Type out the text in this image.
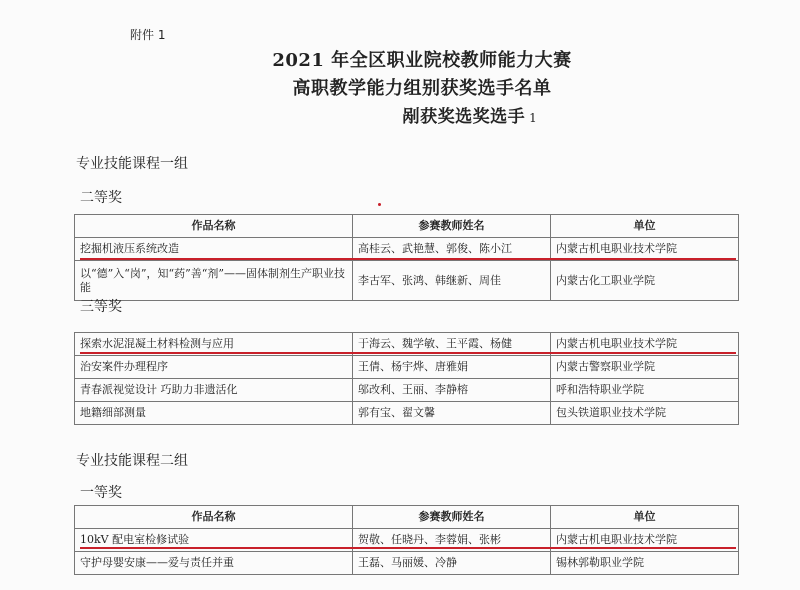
附件 1
2021 年全区职业院校教师能力大赛
高职教学能力组别获奖选手名单
剐获奖选奖选手 1
专业技能课程一组
二等奖
作品名称	参赛教师姓名	单位
挖掘机液压系统改造	高桂云、武艳慧、郭俊、陈小江	内蒙古机电职业技术学院
以“德”入“岗”，知“药”善“剂”——固体制剂生产职业技能	李古军、张鸿、韩继新、周佳	内蒙古化工职业学院
三等奖
探索水泥混凝土材料检测与应用	于海云、魏学敏、王平霞、杨健	内蒙古机电职业技术学院
治安案件办理程序	王倩、杨宇烨、唐雅娟	内蒙古警察职业学院
青春派视觉设计 巧助力非遗活化	邬改利、王丽、李静榕	呼和浩特职业学院
地籍细部测量	郭有宝、翟文馨	包头铁道职业技术学院
专业技能课程二组
一等奖
作品名称	参赛教师姓名	单位
10kV 配电室检修试验	贺敬、任晓丹、李蓉娟、张彬	内蒙古机电职业技术学院
守护母婴安康——爱与责任并重	王磊、马丽媛、冷静	锡林郭勒职业学院
